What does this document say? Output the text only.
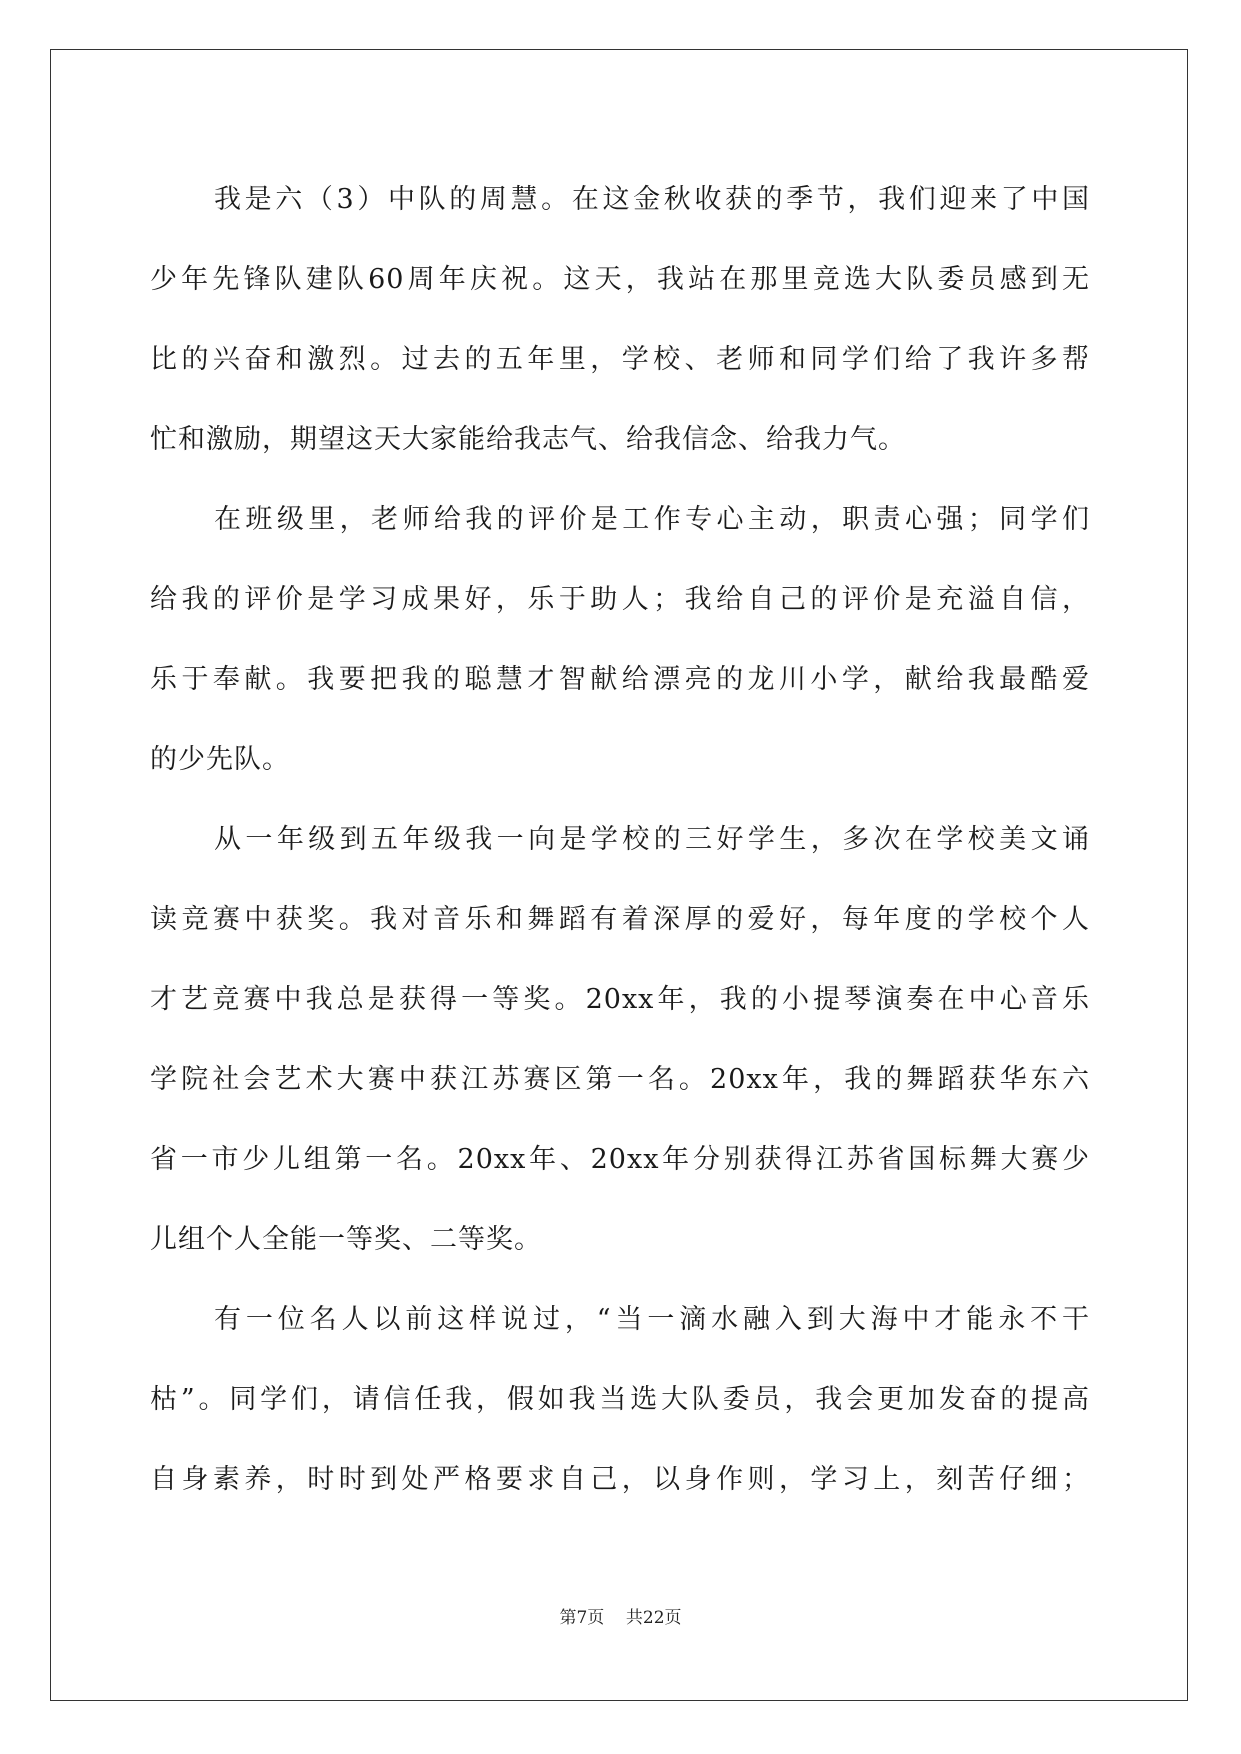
我是六（3）中队的周慧。在这金秋收获的季节，我们迎来了中国
少年先锋队建队60周年庆祝。这天，我站在那里竞选大队委员感到无
比的兴奋和激烈。过去的五年里，学校、老师和同学们给了我许多帮
忙和激励，期望这天大家能给我志气、给我信念、给我力气。
在班级里，老师给我的评价是工作专心主动，职责心强；同学们
给我的评价是学习成果好，乐于助人；我给自己的评价是充溢自信，
乐于奉献。我要把我的聪慧才智献给漂亮的龙川小学，献给我最酷爱
的少先队。
从一年级到五年级我一向是学校的三好学生，多次在学校美文诵
读竞赛中获奖。我对音乐和舞蹈有着深厚的爱好，每年度的学校个人
才艺竞赛中我总是获得一等奖。20xx年，我的小提琴演奏在中心音乐
学院社会艺术大赛中获江苏赛区第一名。20xx年，我的舞蹈获华东六
省一市少儿组第一名。20xx年、20xx年分别获得江苏省国标舞大赛少
儿组个人全能一等奖、二等奖。
有一位名人以前这样说过，“当一滴水融入到大海中才能永不干
枯”。同学们，请信任我，假如我当选大队委员，我会更加发奋的提高
自身素养，时时到处严格要求自己，以身作则，学习上，刻苦仔细；
第7页    共22页
